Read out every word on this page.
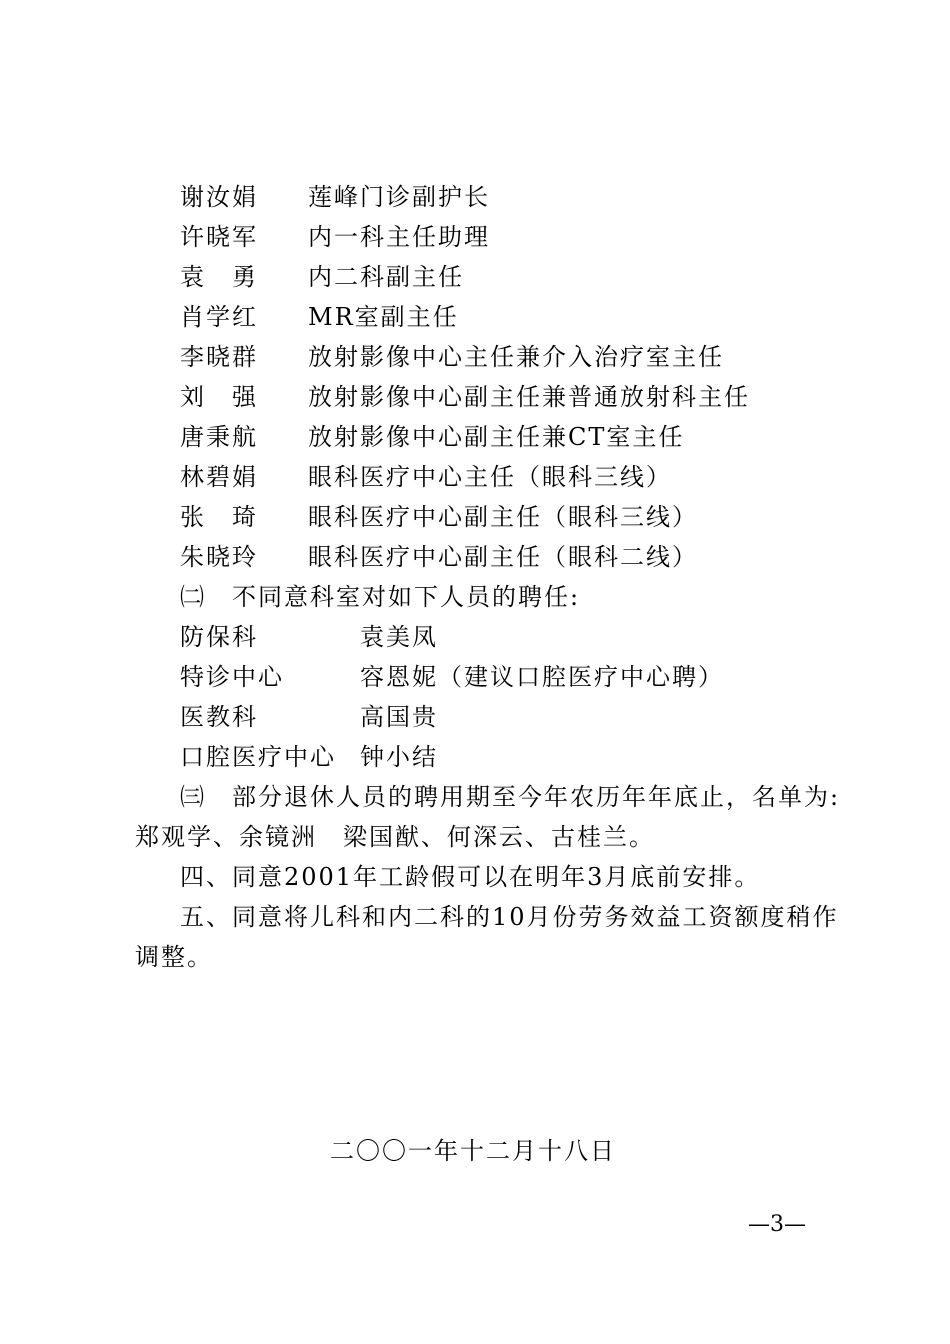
谢汝娟 莲峰门诊副护长
许晓军 内一科主任助理
袁　勇 内二科副主任
肖学红 MR室副主任
李晓群 放射影像中心主任兼介入治疗室主任
刘　强 放射影像中心副主任兼普通放射科主任
唐秉航 放射影像中心副主任兼CT室主任
林碧娟 眼科医疗中心主任（眼科三线）
张　琦 眼科医疗中心副主任（眼科三线）
朱晓玲 眼科医疗中心副主任（眼科二线）
㈡　不同意科室对如下人员的聘任:
防保科	袁美凤
特诊中心	容恩妮（建议口腔医疗中心聘）
医教科	高国贵
口腔医疗中心 钟小结
㈢　部分退休人员的聘用期至今年农历年年底止，名单为:郑观学、余镜洲　梁国猷、何深云、古桂兰。
四、同意2001年工龄假可以在明年3月底前安排。
五、同意将儿科和内二科的10月份劳务效益工资额度稍作调整。
二〇〇一年十二月十八日
—3—
